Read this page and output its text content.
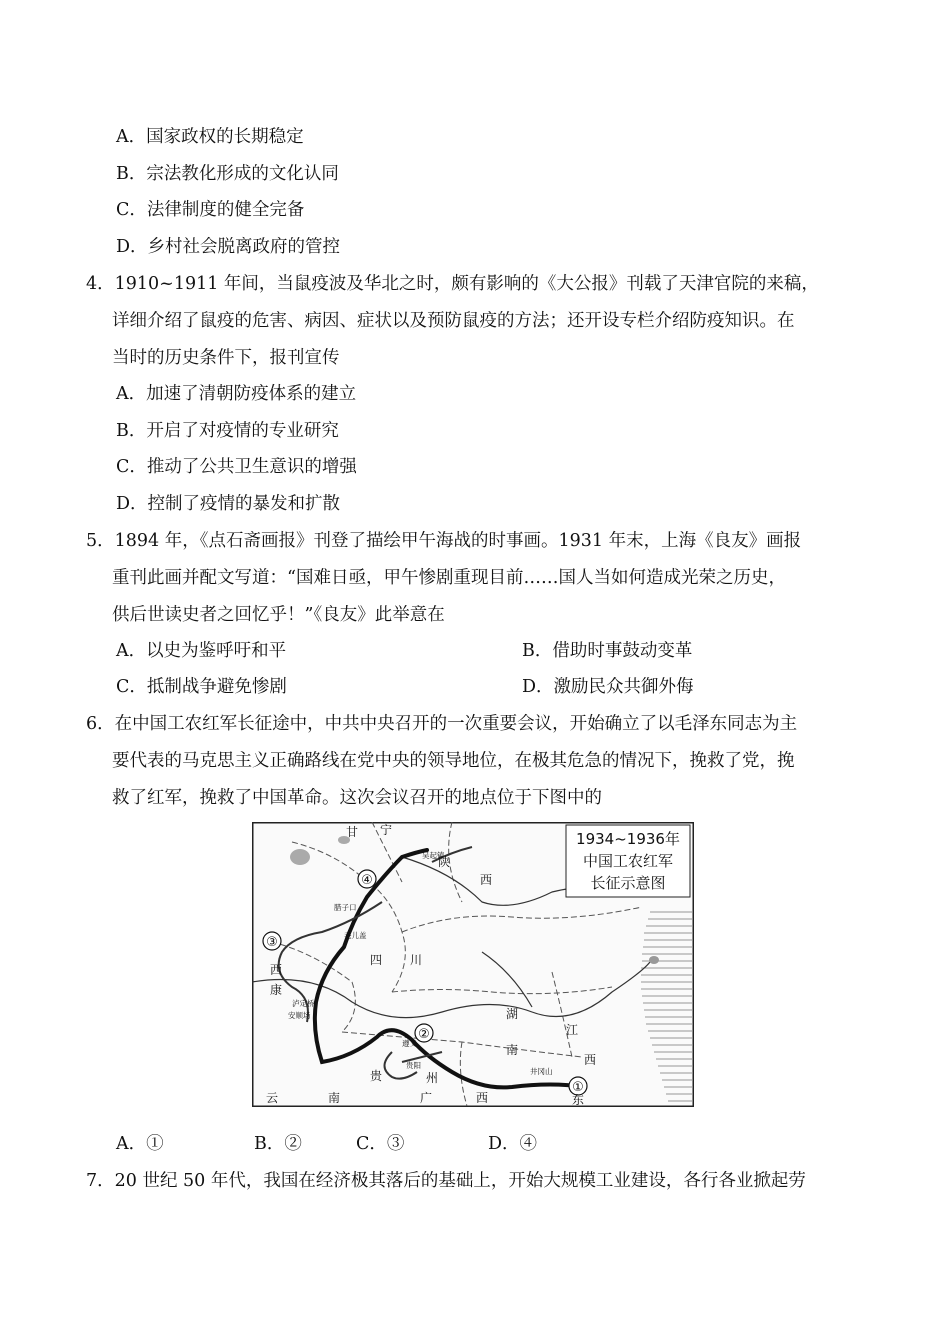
A．国家政权的长期稳定
B．宗法教化形成的文化认同
C．法律制度的健全完备
D．乡村社会脱离政府的管控
4．1910~1911 年间，当鼠疫波及华北之时，颇有影响的《大公报》刊载了天津官院的来稿，
详细介绍了鼠疫的危害、病因、症状以及预防鼠疫的方法；还开设专栏介绍防疫知识。在
当时的历史条件下，报刊宣传
A．加速了清朝防疫体系的建立
B．开启了对疫情的专业研究
C．推动了公共卫生意识的增强
D．控制了疫情的暴发和扩散
5．1894 年，《点石斋画报》刊登了描绘甲午海战的时事画。1931 年末，上海《良友》画报
重刊此画并配文写道：“国难日亟，甲午惨剧重现目前……国人当如何造成光荣之历史，
供后世读史者之回忆乎！”《良友》此举意在
A．以史为鉴呼吁和平	B．借助时事鼓动变革
C．抵制战争避免惨剧	D．激励民众共御外侮
6．在中国工农红军长征途中，中共中央召开的一次重要会议，开始确立了以毛泽东同志为主
要代表的马克思主义正确路线在党中央的领导地位，在极其危急的情况下，挽救了党，挽
救了红军，挽救了中国革命。这次会议召开的地点位于下图中的
1934~1936年
中国工农红军
长征示意图
①
②
③
④
甘 宁
陕
西
四 川
西
康
湖
南
江
西
贵	州
云	南	广	西	东
吴起镇
腊子口
毛儿盖
泸定桥
安顺场
遵义
贵阳
井冈山
A．①	B．②	C．③	D．④
7．20 世纪 50 年代，我国在经济极其落后的基础上，开始大规模工业建设，各行各业掀起劳
